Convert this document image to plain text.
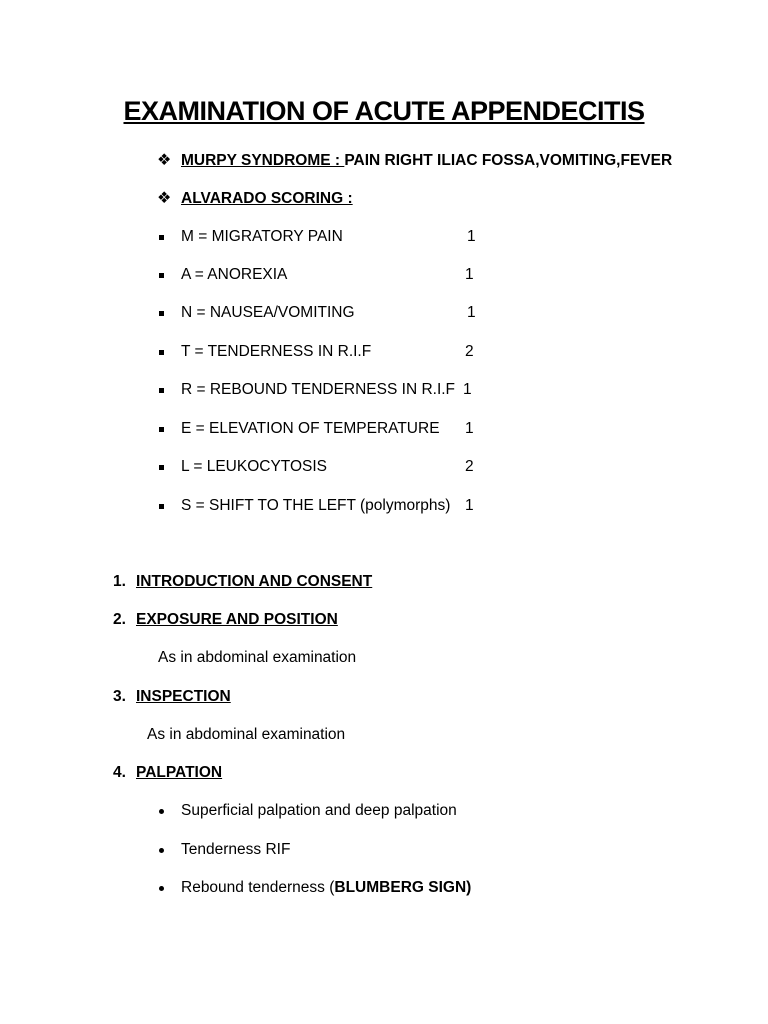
EXAMINATION OF ACUTE APPENDECITIS
❖ MURPY SYNDROME : PAIN RIGHT ILIAC FOSSA,VOMITING,FEVER
❖ ALVARADO SCORING :
M = MIGRATORY PAIN	1
A = ANOREXIA	1
N = NAUSEA/VOMITING	1
T = TENDERNESS IN R.I.F	2
R = REBOUND TENDERNESS IN R.I.F 1
E = ELEVATION OF TEMPERATURE 1
L = LEUKOCYTOSIS	2
S = SHIFT TO THE LEFT (polymorphs) 1
1. INTRODUCTION AND CONSENT
2. EXPOSURE AND POSITION
As in abdominal examination
3. INSPECTION
As in abdominal examination
4. PALPATION
Superficial palpation and deep palpation
Tenderness RIF
Rebound tenderness (BLUMBERG SIGN)
